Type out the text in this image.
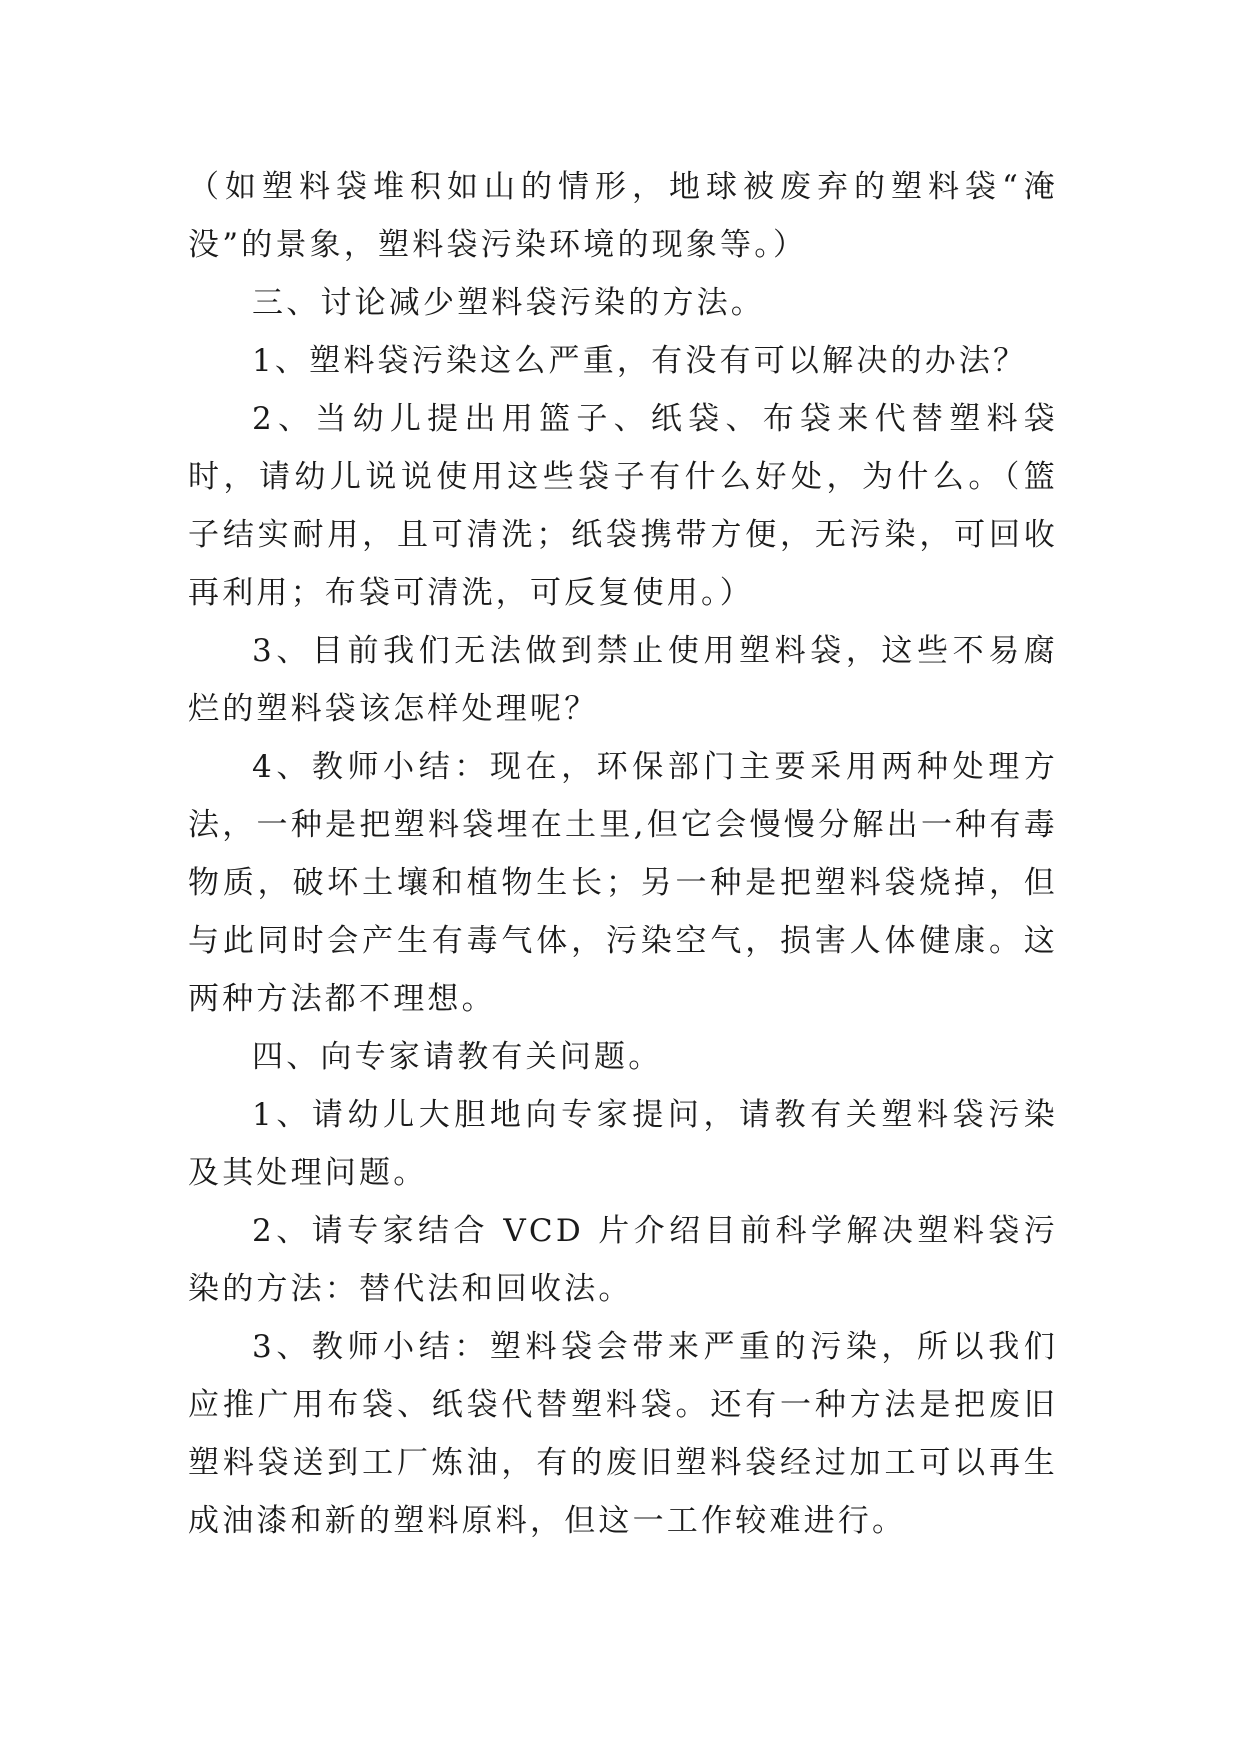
（如塑料袋堆积如山的情形，地球被废弃的塑料袋“淹没”的景象，塑料袋污染环境的现象等。）

三、讨论减少塑料袋污染的方法。

1、塑料袋污染这么严重，有没有可以解决的办法？

2、当幼儿提出用篮子、纸袋、布袋来代替塑料袋时，请幼儿说说使用这些袋子有什么好处，为什么。（篮子结实耐用，且可清洗；纸袋携带方便，无污染，可回收再利用；布袋可清洗，可反复使用。）

3、目前我们无法做到禁止使用塑料袋，这些不易腐烂的塑料袋该怎样处理呢？

4、教师小结：现在，环保部门主要采用两种处理方法，一种是把塑料袋埋在土里,但它会慢慢分解出一种有毒物质，破坏土壤和植物生长；另一种是把塑料袋烧掉，但与此同时会产生有毒气体，污染空气，损害人体健康。这两种方法都不理想。

四、向专家请教有关问题。

1、请幼儿大胆地向专家提问，请教有关塑料袋污染及其处理问题。

2、请专家结合 VCD 片介绍目前科学解决塑料袋污染的方法：替代法和回收法。

3、教师小结：塑料袋会带来严重的污染，所以我们应推广用布袋、纸袋代替塑料袋。还有一种方法是把废旧塑料袋送到工厂炼油，有的废旧塑料袋经过加工可以再生成油漆和新的塑料原料，但这一工作较难进行。
